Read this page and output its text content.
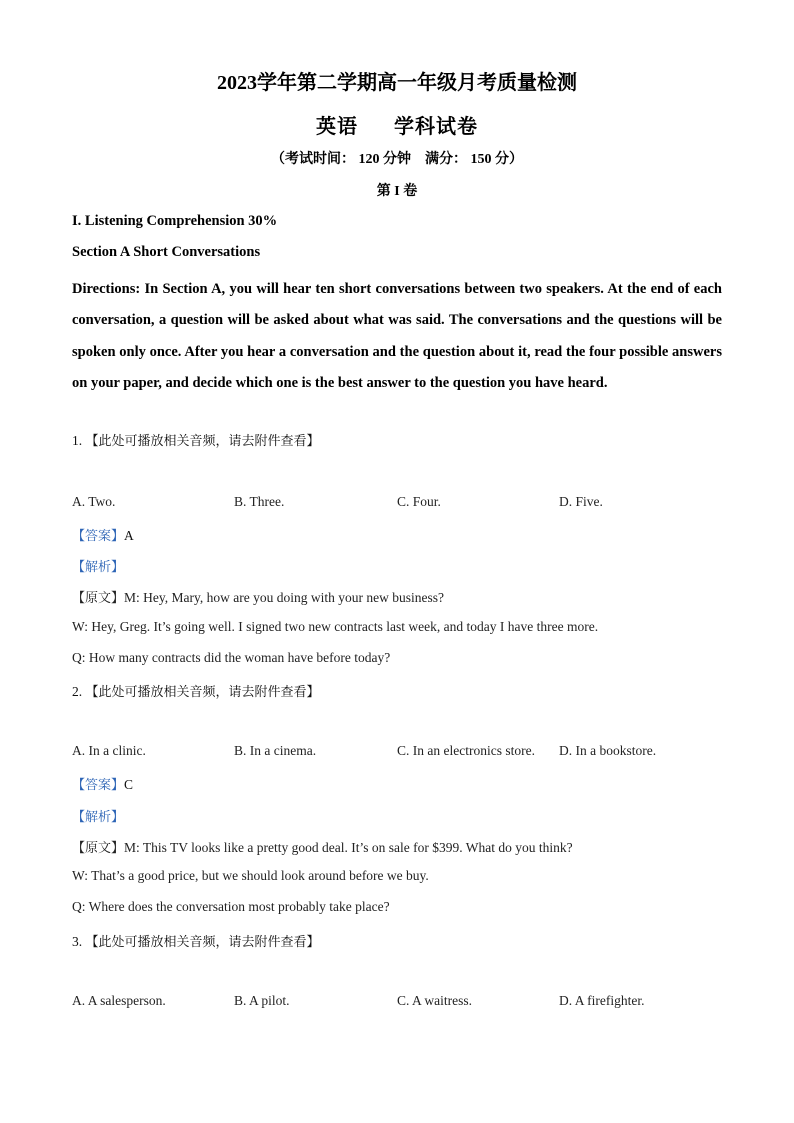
2023学年第二学期高一年级月考质量检测
英语 学科试卷
（考试时间： 120 分钟　满分： 150 分）
第 I 卷
I. Listening Comprehension 30%
Section A Short Conversations
Directions: In Section A, you will hear ten short conversations between two speakers. At the end of each conversation, a question will be asked about what was said. The conversations and the questions will be spoken only once. After you hear a conversation and the question about it, read the four possible answers on your paper, and decide which one is the best answer to the question you have heard.
1. 【此处可播放相关音频，请去附件查看】
A. Two.	B. Three.	C. Four.	D. Five.
【答案】A
【解析】
【原文】M: Hey, Mary, how are you doing with your new business?
W: Hey, Greg. It’s going well. I signed two new contracts last week, and today I have three more.
Q: How many contracts did the woman have before today?
2. 【此处可播放相关音频，请去附件查看】
A. In a clinic.	B. In a cinema.	C. In an electronics store. D. In a bookstore.
【答案】C
【解析】
【原文】M: This TV looks like a pretty good deal. It’s on sale for $399. What do you think?
W: That’s a good price, but we should look around before we buy.
Q: Where does the conversation most probably take place?
3. 【此处可播放相关音频，请去附件查看】
A. A salesperson.	B. A pilot.	C. A waitress.	D. A firefighter.
